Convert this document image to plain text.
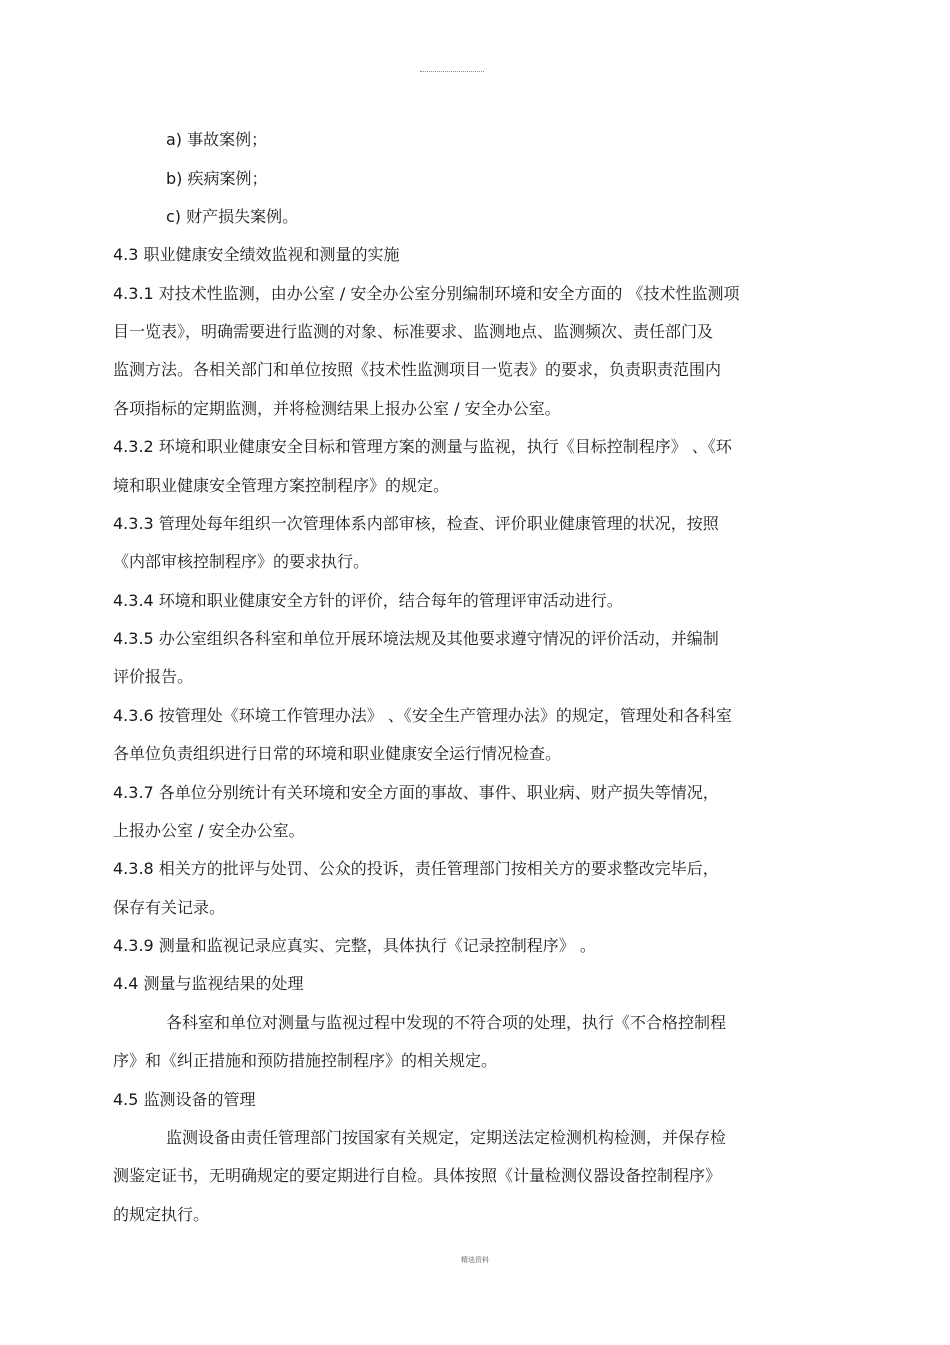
a) 事故案例；
b) 疾病案例；
c) 财产损失案例。
4.3 职业健康安全绩效监视和测量的实施
4.3.1 对技术性监测，由办公室 / 安全办公室分别编制环境和安全方面的 《技术性监测项
目一览表》，明确需要进行监测的对象、标准要求、监测地点、监测频次、责任部门及
监测方法。各相关部门和单位按照《技术性监测项目一览表》的要求，负责职责范围内
各项指标的定期监测，并将检测结果上报办公室 / 安全办公室。
4.3.2 环境和职业健康安全目标和管理方案的测量与监视，执行《目标控制程序》 、《环
境和职业健康安全管理方案控制程序》的规定。
4.3.3 管理处每年组织一次管理体系内部审核，检查、评价职业健康管理的状况，按照
《内部审核控制程序》的要求执行。
4.3.4 环境和职业健康安全方针的评价，结合每年的管理评审活动进行。
4.3.5 办公室组织各科室和单位开展环境法规及其他要求遵守情况的评价活动，并编制
评价报告。
4.3.6 按管理处《环境工作管理办法》 、《安全生产管理办法》的规定，管理处和各科室
各单位负责组织进行日常的环境和职业健康安全运行情况检查。
4.3.7 各单位分别统计有关环境和安全方面的事故、事件、职业病、财产损失等情况，
上报办公室 / 安全办公室。
4.3.8 相关方的批评与处罚、公众的投诉，责任管理部门按相关方的要求整改完毕后，
保存有关记录。
4.3.9 测量和监视记录应真实、完整，具体执行《记录控制程序》 。
4.4 测量与监视结果的处理
各科室和单位对测量与监视过程中发现的不符合项的处理，执行《不合格控制程
序》和《纠正措施和预防措施控制程序》的相关规定。
4.5 监测设备的管理
监测设备由责任管理部门按国家有关规定，定期送法定检测机构检测，并保存检
测鉴定证书，无明确规定的要定期进行自检。具体按照《计量检测仪器设备控制程序》
的规定执行。
精选资料
